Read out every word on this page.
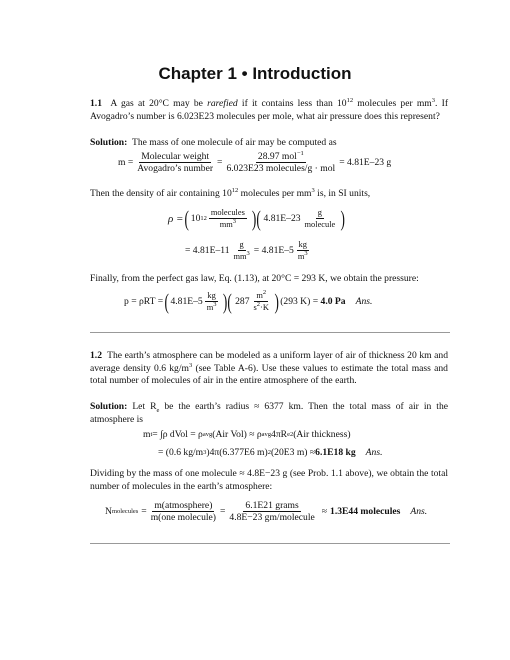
Chapter 1 • Introduction
1.1 A gas at 20°C may be rarefied if it contains less than $10^{12}$ molecules per $mm^3$. If Avogadro’s number is 6.023E23 molecules per mole, what air pressure does this represent?
Solution:  The mass of one molecule of air may be computed as
$m = \frac{\text{Molecular weight}}{\text{Avogadro’s number}} = \frac{28.97 mol^{-1}}{\text{6.023E23 molecules/g · mol}} = 4.81E-23$ g
Then the density of air containing $10^{12}$ molecules per $mm^3$ is, in SI units,
ρ = ( 10 $12 \frac{\text{molecules}}{mm^3}$ )( $4.81E-23 \frac{g}{\text{molecule}}$ )
= $4.81E-11 \frac{g}{mm^3} = 4.81E-5 \frac{kg}{m^3}$
Finally, from the perfect gas law, Eq. (1.13), at 20°C = 293 K, we obtain the pressure:
p = ρRT = ( $4.81E-5 \frac{kg}{m^3}$ )( $287 \frac{m^2}{s^2\cdot K}$ ) (293 K) =
4.0 Pa Ans.
1.2 The earth’s atmosphere can be modeled as a uniform layer of air of thickness 20 km and average density 0.6 $kg/m^3$ (see Table A-6). Use these values to estimate the total mass and total number of molecules of air in the entire atmosphere of the earth.
Solution: Let $R_e$ be the earth’s radius ≈ 6377 km. Then the total mass of air in the atmosphere is
m t = ∫ρ dVol = ρ avg (Air Vol) ≈ ρ avg 4πR e 2 (Air thickness)
= (0.6 kg/m 3 )4π(6.377E6 m) 2 (20E3 m) ≈ 6.1E18 kg Ans.
Dividing by the mass of one molecule ≈ 4.8E−23 g (see Prob. 1.1 above), we obtain the total number of molecules in the earth’s atmosphere:
N molecules = $\frac{\text{m(atmosphere)}}{\text{m(one molecule)}} = \frac{\text{6.1E21 grams}}{\text{4.8E−23 gm/molecule}} \approx 1.3E44$ molecules Ans.
